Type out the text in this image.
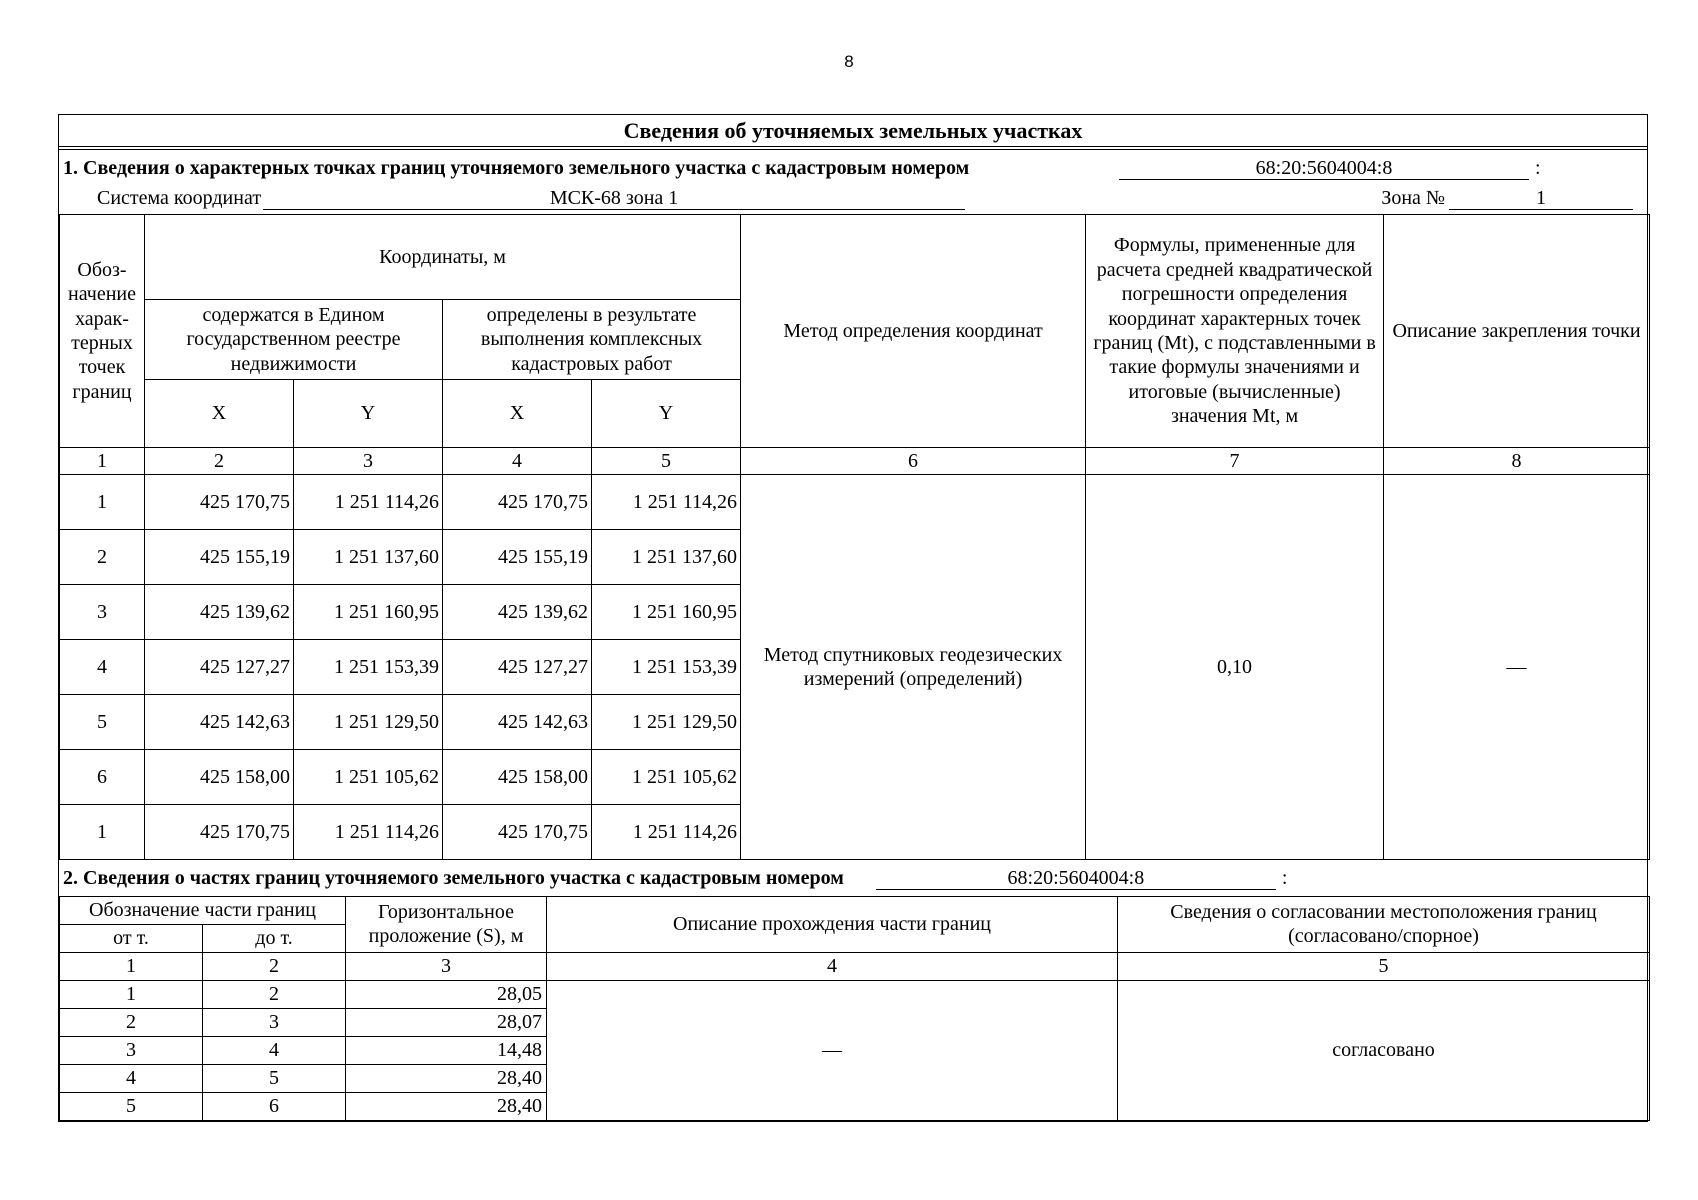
8
Сведения об уточняемых земельных участках
1. Сведения о характерных точках границ уточняемого земельного участка с кадастровым номером	68:20:5604004:8	:
Система координат	МСК-68 зона 1	Зона №	1
Обоз-начение харак-терных точек границ	Координаты, м				Метод определения координат	Формулы, примененные для расчета средней квадратической погрешности определения координат характерных точек границ (Mt), с подставленными в такие формулы значениями и итоговые (вычисленные) значения Mt, м	Описание закрепления точки
	содержатся в Едином государственном реестре недвижимости		определены в результате выполнения комплексных кадастровых работ				
	X	Y	X	Y			
1	2	3	4	5	6	7	8
1	425 170,75	1 251 114,26	425 170,75	1 251 114,26	Метод спутниковых геодезических измерений (определений)	0,10	—
2	425 155,19	1 251 137,60	425 155,19	1 251 137,60			
3	425 139,62	1 251 160,95	425 139,62	1 251 160,95			
4	425 127,27	1 251 153,39	425 127,27	1 251 153,39			
5	425 142,63	1 251 129,50	425 142,63	1 251 129,50			
6	425 158,00	1 251 105,62	425 158,00	1 251 105,62			
1	425 170,75	1 251 114,26	425 170,75	1 251 114,26			
2. Сведения о частях границ уточняемого земельного участка с кадастровым номером	68:20:5604004:8	:
Обозначение части границ		Горизонтальное проложение (S), м	Описание прохождения части границ	Сведения о согласовании местоположения границ (согласовано/спорное)
от т.	до т.			
1	2	3	4	5
1	2	28,05	—	согласовано
2	3	28,07		
3	4	14,48		
4	5	28,40		
5	6	28,40		
